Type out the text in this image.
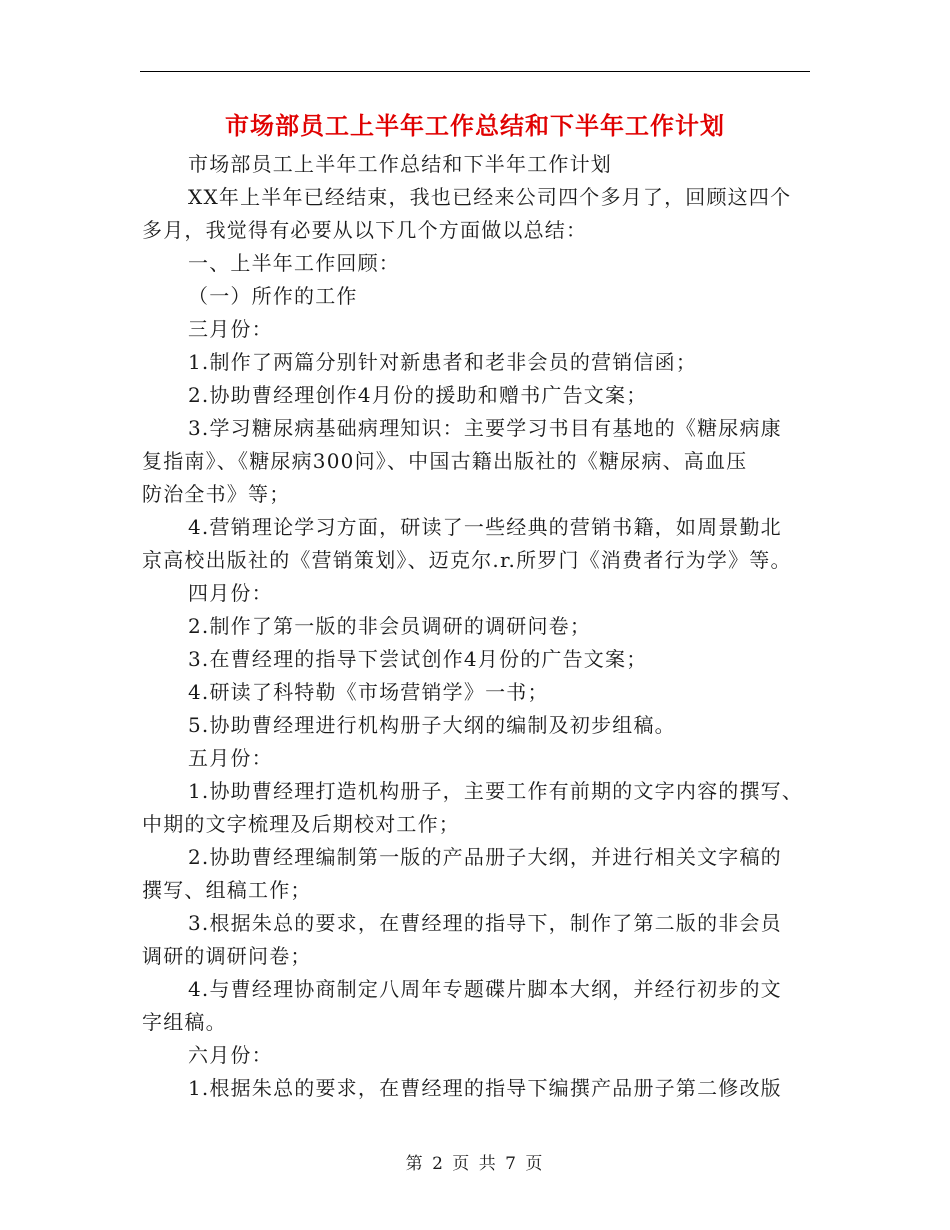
市场部员工上半年工作总结和下半年工作计划

市场部员工上半年工作总结和下半年工作计划

XX年上半年已经结束，我也已经来公司四个多月了，回顾这四个
多月，我觉得有必要从以下几个方面做以总结：

一、上半年工作回顾：

（一）所作的工作

三月份：

1.制作了两篇分别针对新患者和老非会员的营销信函；

2.协助曹经理创作4月份的援助和赠书广告文案；

3.学习糖尿病基础病理知识：主要学习书目有基地的《糖尿病康
复指南》、《糖尿病300问》、中国古籍出版社的《糖尿病、高血压
防治全书》等；

4.营销理论学习方面，研读了一些经典的营销书籍，如周景勤北
京高校出版社的《营销策划》、迈克尔.r.所罗门《消费者行为学》等。

四月份：

2.制作了第一版的非会员调研的调研问卷；

3.在曹经理的指导下尝试创作4月份的广告文案；

4.研读了科特勒《市场营销学》一书；

5.协助曹经理进行机构册子大纲的编制及初步组稿。

五月份：

1.协助曹经理打造机构册子，主要工作有前期的文字内容的撰写、
中期的文字梳理及后期校对工作；

2.协助曹经理编制第一版的产品册子大纲，并进行相关文字稿的
撰写、组稿工作；

3.根据朱总的要求，在曹经理的指导下，制作了第二版的非会员
调研的调研问卷；

4.与曹经理协商制定八周年专题碟片脚本大纲，并经行初步的文
字组稿。

六月份：

1.根据朱总的要求，在曹经理的指导下编撰产品册子第二修改版

第 2 页 共 7 页
